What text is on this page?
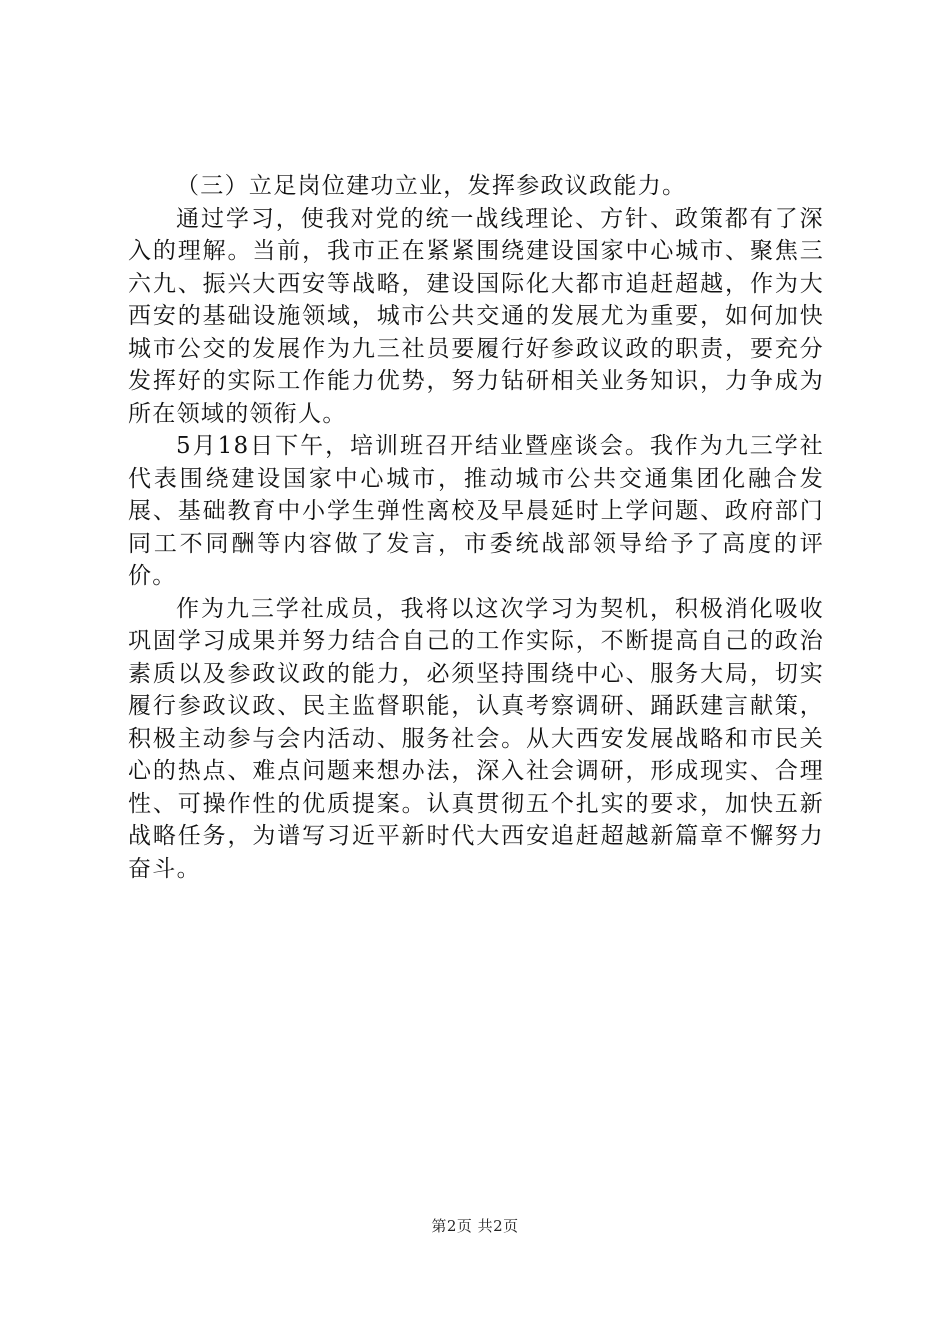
（三）立足岗位建功立业，发挥参政议政能力。

通过学习，使我对党的统一战线理论、方针、政策都有了深入的理解。当前，我市正在紧紧围绕建设国家中心城市、聚焦三六九、振兴大西安等战略，建设国际化大都市追赶超越，作为大西安的基础设施领域，城市公共交通的发展尤为重要，如何加快城市公交的发展作为九三社员要履行好参政议政的职责，要充分发挥好的实际工作能力优势，努力钻研相关业务知识，力争成为所在领域的领衔人。

5月18日下午，培训班召开结业暨座谈会。我作为九三学社代表围绕建设国家中心城市，推动城市公共交通集团化融合发展、基础教育中小学生弹性离校及早晨延时上学问题、政府部门同工不同酬等内容做了发言，市委统战部领导给予了高度的评价。

作为九三学社成员，我将以这次学习为契机，积极消化吸收巩固学习成果并努力结合自己的工作实际，不断提高自己的政治素质以及参政议政的能力，必须坚持围绕中心、服务大局，切实履行参政议政、民主监督职能，认真考察调研、踊跃建言献策，积极主动参与会内活动、服务社会。从大西安发展战略和市民关心的热点、难点问题来想办法，深入社会调研，形成现实、合理性、可操作性的优质提案。认真贯彻五个扎实的要求，加快五新战略任务，为谱写习近平新时代大西安追赶超越新篇章不懈努力奋斗。

第2页 共2页
